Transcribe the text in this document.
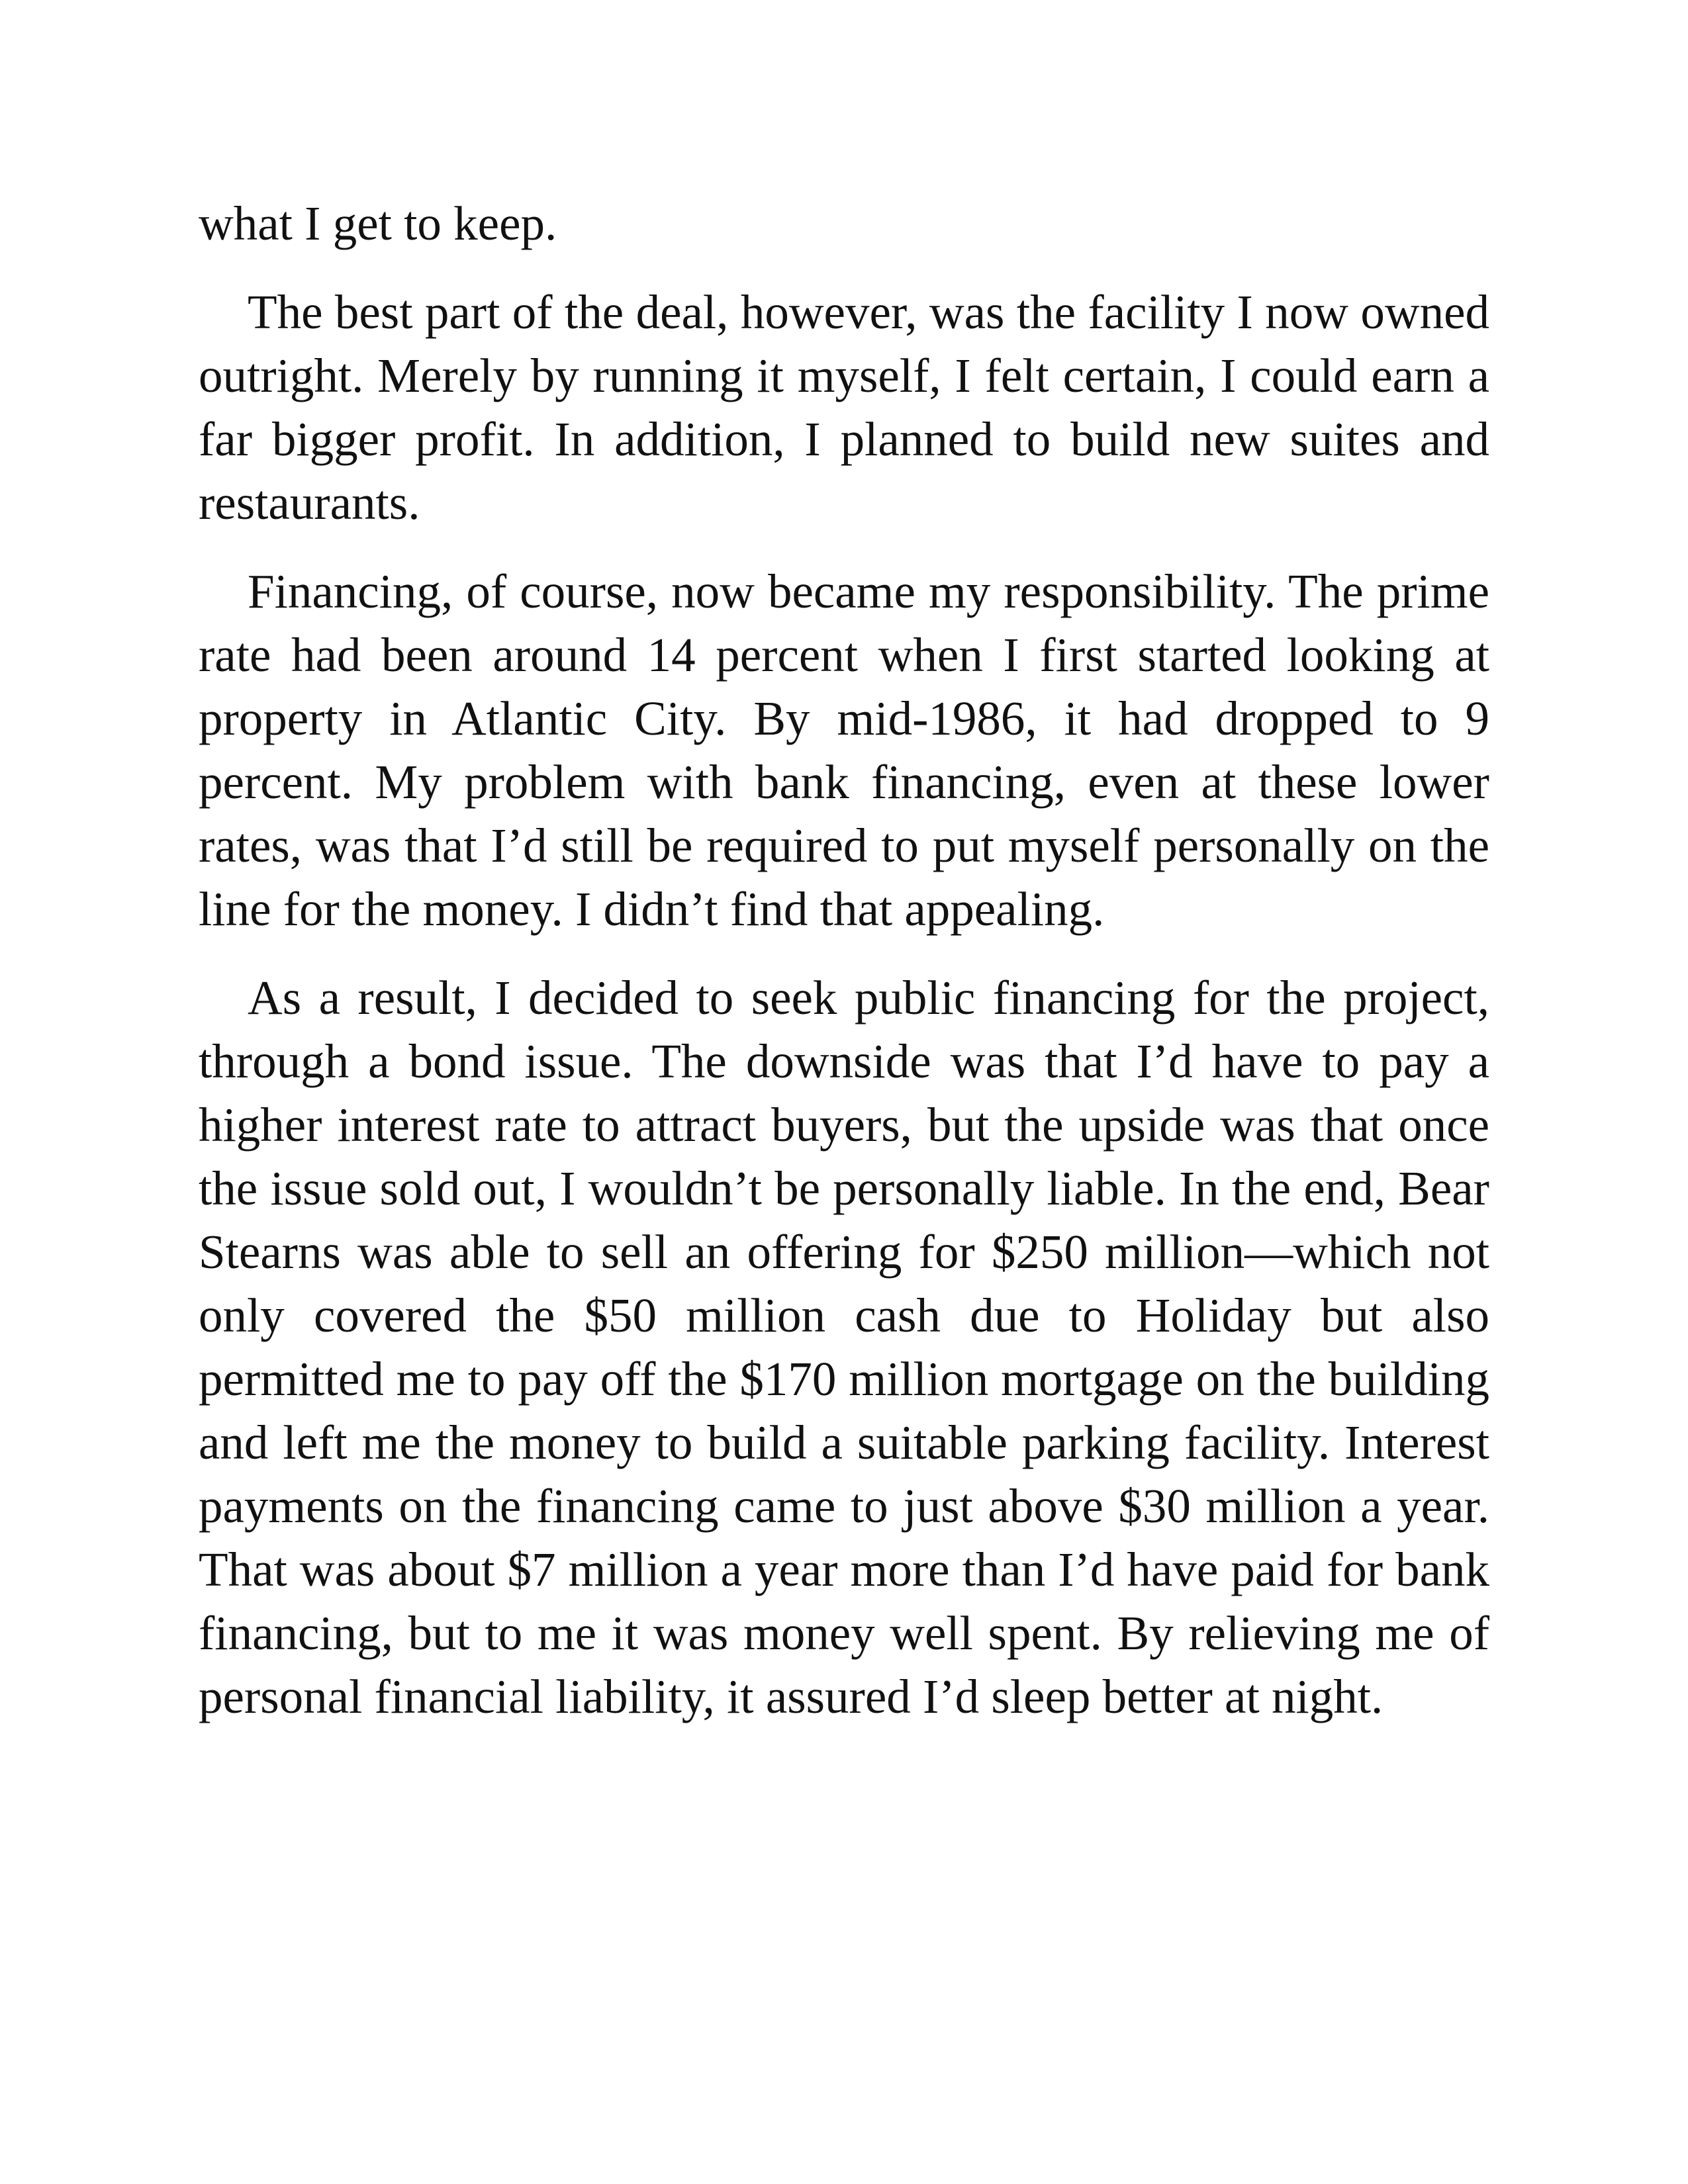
what I get to keep.

The best part of the deal, however, was the facility I now owned outright. Merely by running it myself, I felt certain, I could earn a far bigger profit. In addition, I planned to build new suites and restaurants.

Financing, of course, now became my responsibility. The prime rate had been around 14 percent when I first started looking at property in Atlantic City. By mid-1986, it had dropped to 9 percent. My problem with bank financing, even at these lower rates, was that I’d still be required to put myself personally on the line for the money. I didn’t find that appealing.

As a result, I decided to seek public financing for the project, through a bond issue. The downside was that I’d have to pay a higher interest rate to attract buyers, but the upside was that once the issue sold out, I wouldn’t be personally liable. In the end, Bear Stearns was able to sell an offering for $250 million—which not only covered the $50 million cash due to Holiday but also permitted me to pay off the $170 million mortgage on the building and left me the money to build a suitable parking facility. Interest payments on the financing came to just above $30 million a year. That was about $7 million a year more than I’d have paid for bank financing, but to me it was money well spent. By relieving me of personal financial liability, it assured I’d sleep better at night.
